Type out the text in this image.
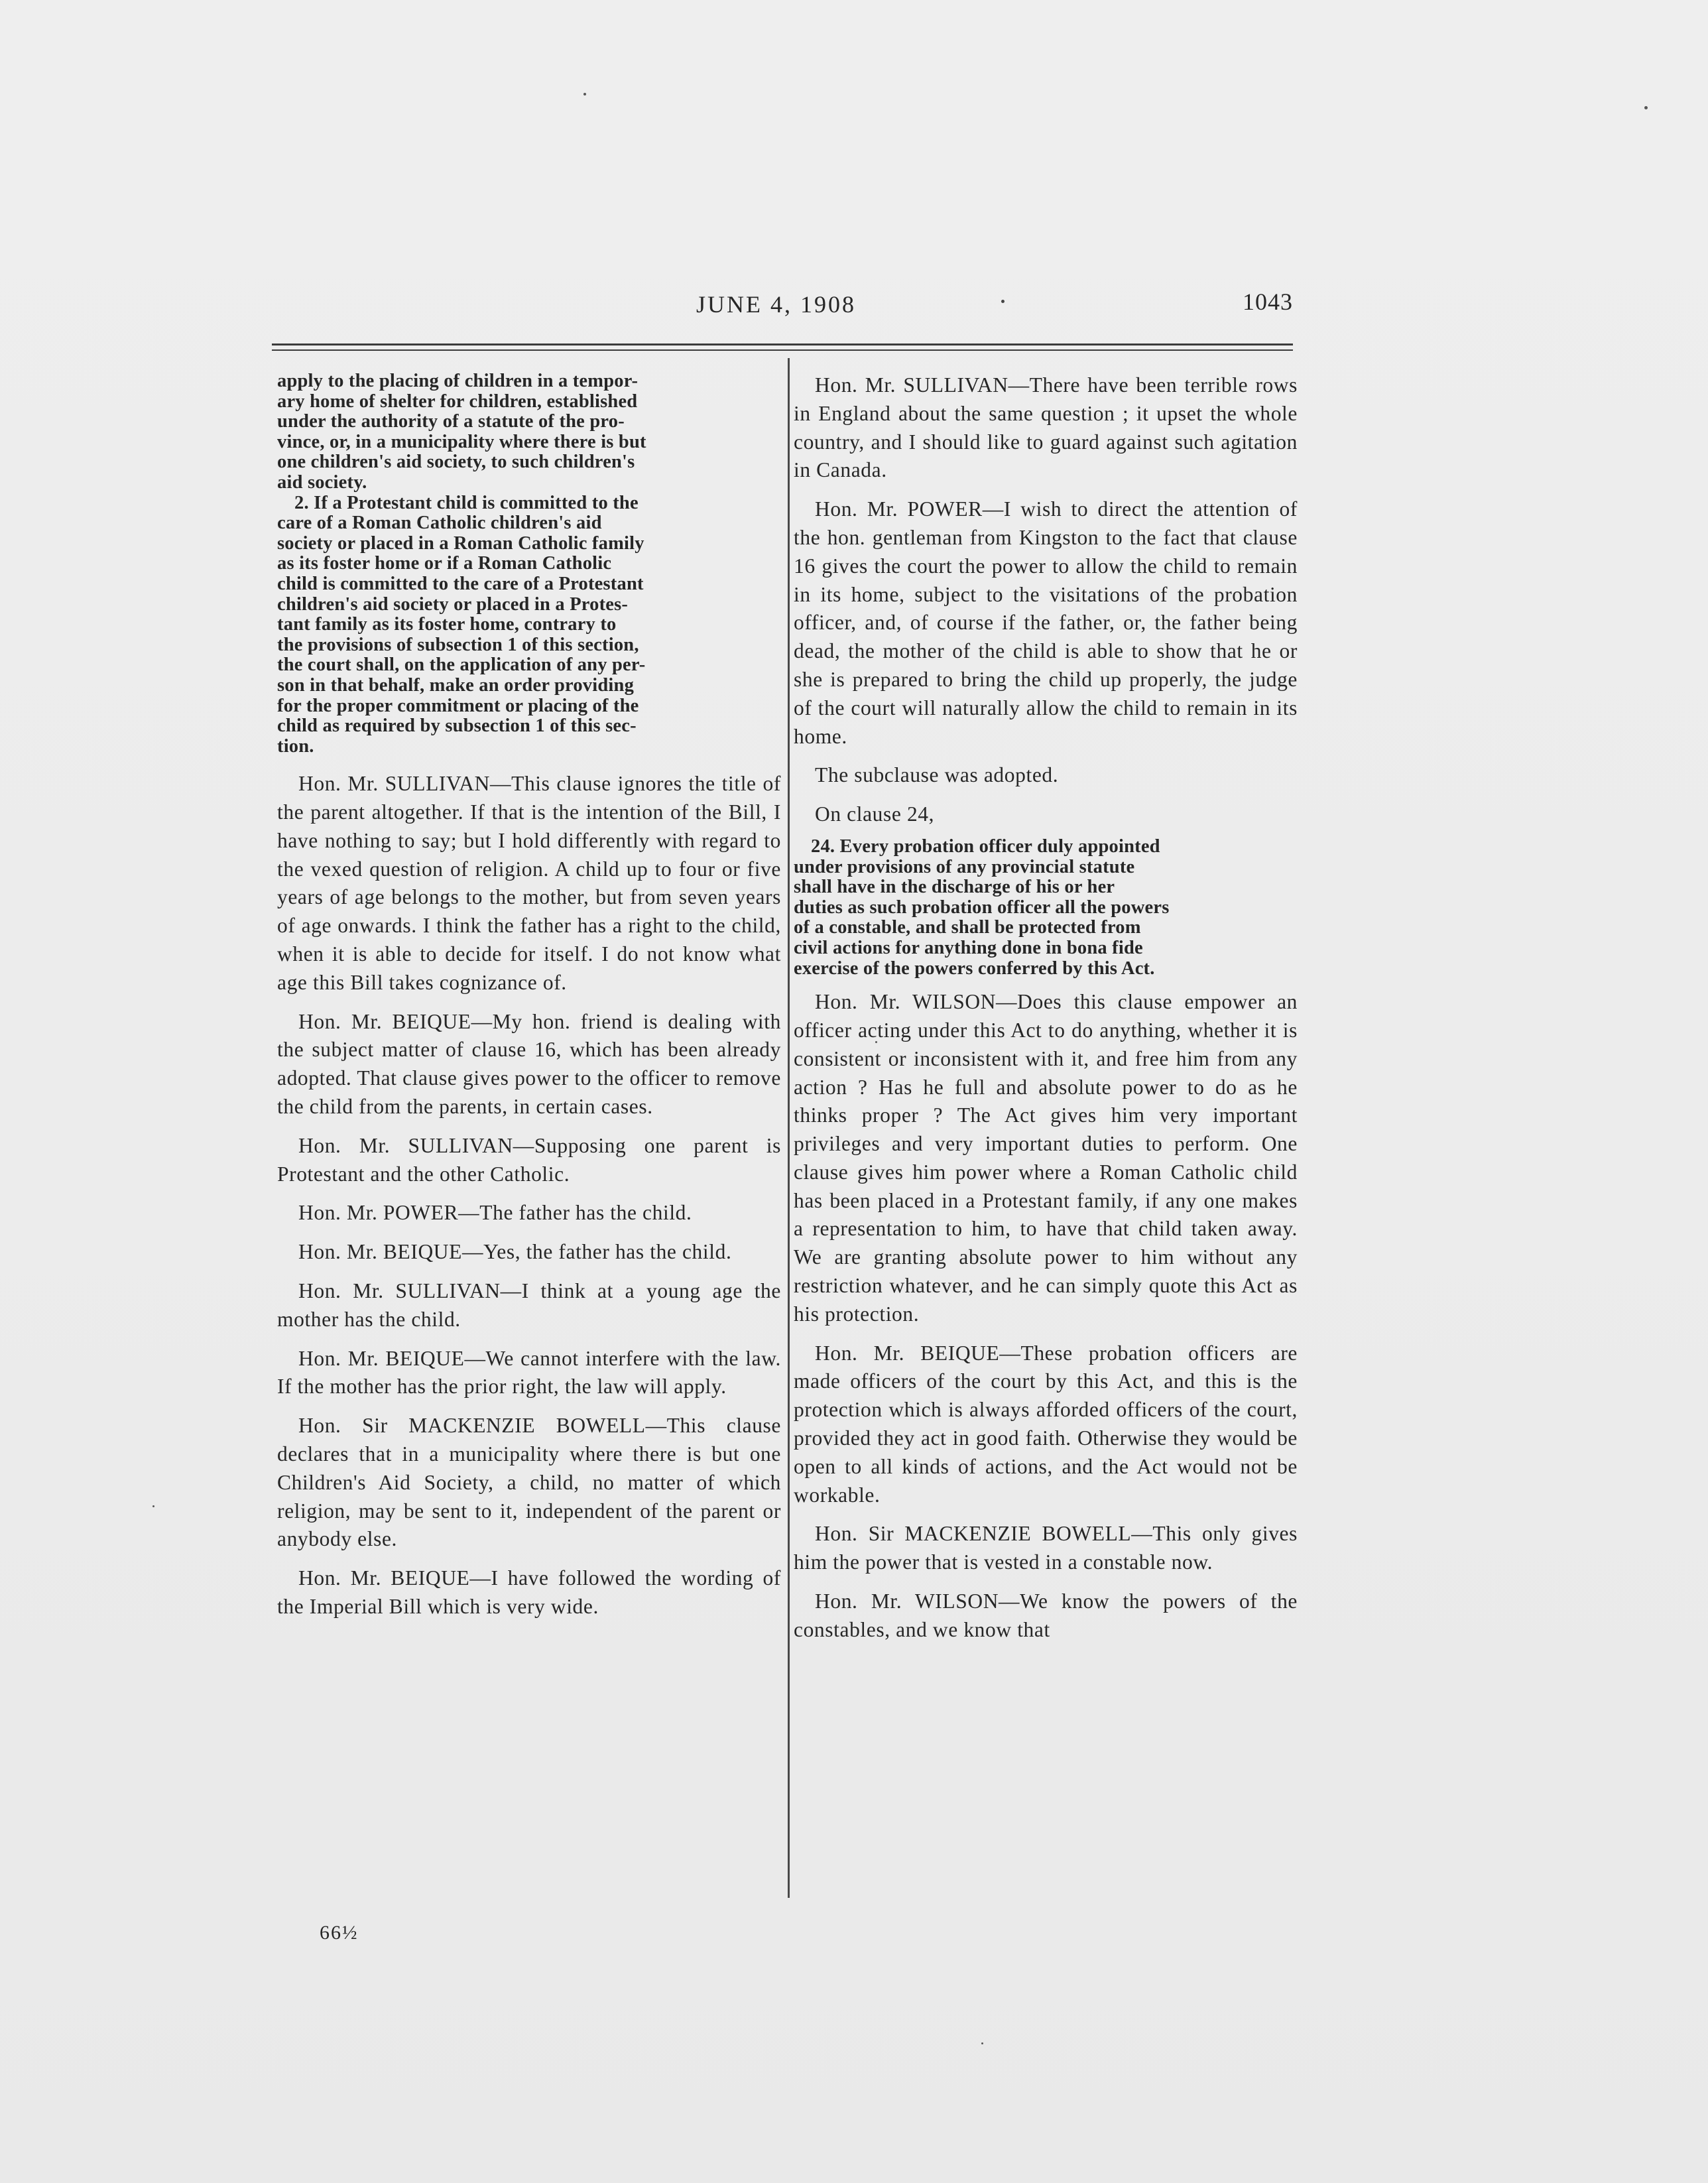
JUNE 4, 1908	1043

apply to the placing of children in a tempor-

ary home of shelter for children, established

under the authority of a statute of the pro-

vince, or, in a municipality where there is but

one children's aid society, to such children's

aid society.

2. If a Protestant child is committed to the

care of a Roman Catholic children's aid

society or placed in a Roman Catholic family

as its foster home or if a Roman Catholic

child is committed to the care of a Protestant

children's aid society or placed in a Protes-

tant family as its foster home, contrary to

the provisions of subsection 1 of this section,

the court shall, on the application of any per-

son in that behalf, make an order providing

for the proper commitment or placing of the

child as required by subsection 1 of this sec-

tion.

Hon. Mr. SULLIVAN—This clause ignores the title of the parent altogether. If that is the intention of the Bill, I have nothing to say; but I hold differently with regard to the vexed question of religion. A child up to four or five years of age belongs to the mother, but from seven years of age onwards. I think the father has a right to the child, when it is able to decide for itself. I do not know what age this Bill takes cognizance of.

Hon. Mr. BEIQUE—My hon. friend is dealing with the subject matter of clause 16, which has been already adopted. That clause gives power to the officer to remove the child from the parents, in certain cases.

Hon. Mr. SULLIVAN—Supposing one parent is Protestant and the other Catholic.

Hon. Mr. POWER—The father has the child.

Hon. Mr. BEIQUE—Yes, the father has the child.

Hon. Mr. SULLIVAN—I think at a young age the mother has the child.

Hon. Mr. BEIQUE—We cannot interfere with the law. If the mother has the prior right, the law will apply.

Hon. Sir MACKENZIE BOWELL—This clause declares that in a municipality where there is but one Children's Aid Society, a child, no matter of which religion, may be sent to it, independent of the parent or anybody else.

Hon. Mr. BEIQUE—I have followed the wording of the Imperial Bill which is very wide.

66½

Hon. Mr. SULLIVAN—There have been terrible rows in England about the same question ; it upset the whole country, and I should like to guard against such agitation in Canada.

Hon. Mr. POWER—I wish to direct the attention of the hon. gentleman from Kingston to the fact that clause 16 gives the court the power to allow the child to remain in its home, subject to the visitations of the probation officer, and, of course if the father, or, the father being dead, the mother of the child is able to show that he or she is prepared to bring the child up properly, the judge of the court will naturally allow the child to remain in its home.

The subclause was adopted.

On clause 24,

24. Every probation officer duly appointed

under provisions of any provincial statute

shall have in the discharge of his or her

duties as such probation officer all the powers

of a constable, and shall be protected from

civil actions for anything done in bona fide

exercise of the powers conferred by this Act.

Hon. Mr. WILSON—Does this clause empower an officer acting under this Act to do anything, whether it is consistent or inconsistent with it, and free him from any action ? Has he full and absolute power to do as he thinks proper ? The Act gives him very important privileges and very important duties to perform. One clause gives him power where a Roman Catholic child has been placed in a Protestant family, if any one makes a representation to him, to have that child taken away. We are granting absolute power to him without any restriction whatever, and he can simply quote this Act as his protection.

Hon. Mr. BEIQUE—These probation officers are made officers of the court by this Act, and this is the protection which is always afforded officers of the court, provided they act in good faith. Otherwise they would be open to all kinds of actions, and the Act would not be workable.

Hon. Sir MACKENZIE BOWELL—This only gives him the power that is vested in a constable now.

Hon. Mr. WILSON—We know the powers of the constables, and we know that
